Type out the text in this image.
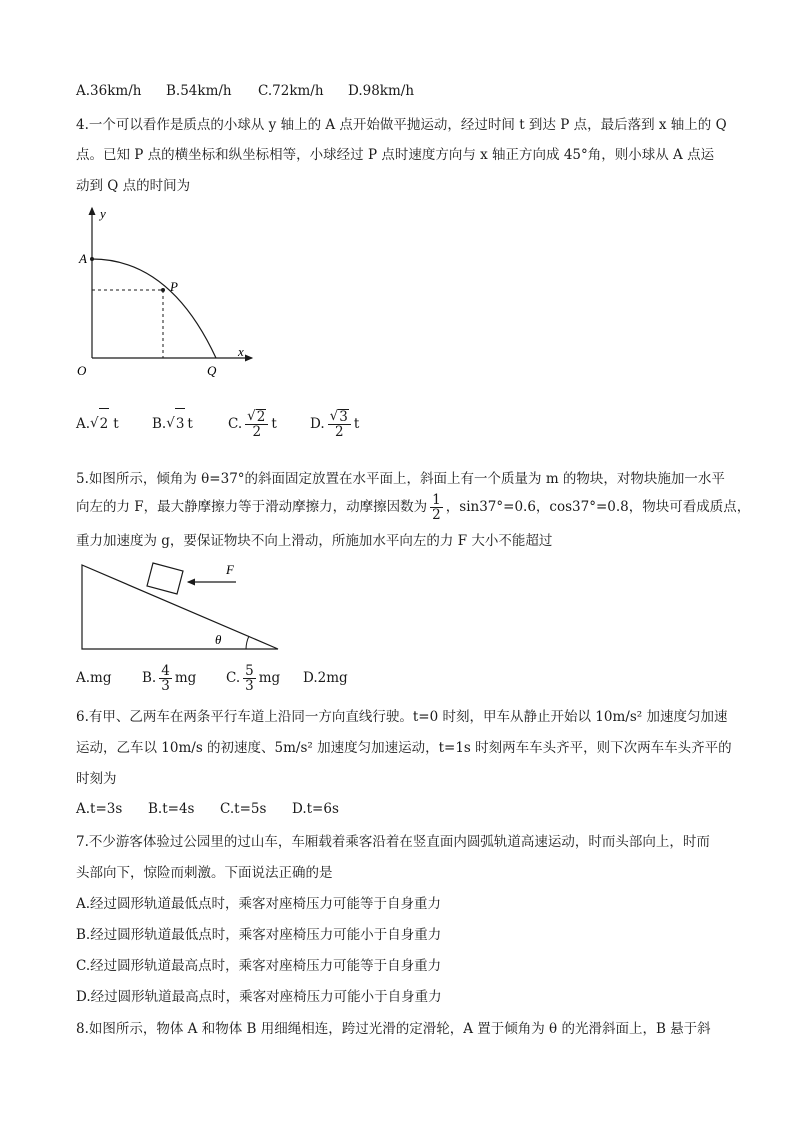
A.36km/h B.54km/h C.72km/h D.98km/h
4.一个可以看作是质点的小球从 y 轴上的 A 点开始做平抛运动，经过时间 t 到达 P 点，最后落到 x 轴上的 Q
点。已知 P 点的横坐标和纵坐标相等，小球经过 P 点时速度方向与 x 轴正方向成 45°角，则小球从 A 点运
动到 Q 点的时间为
y
A
P
x
O	Q
A. √ 2 t B. √ 3 t	C. $\frac{√ 2}{2}$ t D. $\frac{√ 3}{2}$ t
5.如图所示，倾角为 θ=37°的斜面固定放置在水平面上，斜面上有一个质量为 m 的物块，对物块施加一水平
向左的力 F，最大静摩擦力等于滑动摩擦力，动摩擦因数为 $\frac{1}{2}$ ，sin37°=0.6，cos37°=0.8，物块可看成质点，
重力加速度为 g，要保证物块不向上滑动，所施加水平向左的力 F 大小不能超过
F
θ
A.mg	B. $\frac{4}{3}$ mg C. $\frac{5}{3}$ mg D.2mg
6.有甲、乙两车在两条平行车道上沿同一方向直线行驶。t=0 时刻，甲车从静止开始以 10m/s² 加速度匀加速
运动，乙车以 10m/s 的初速度、5m/s² 加速度匀加速运动，t=1s 时刻两车车头齐平，则下次两车车头齐平的
时刻为
A.t=3s B.t=4s C.t=5s D.t=6s
7.不少游客体验过公园里的过山车，车厢载着乘客沿着在竖直面内圆弧轨道高速运动，时而头部向上，时而
头部向下，惊险而刺激。下面说法正确的是
A.经过圆形轨道最低点时，乘客对座椅压力可能等于自身重力
B.经过圆形轨道最低点时，乘客对座椅压力可能小于自身重力
C.经过圆形轨道最高点时，乘客对座椅压力可能等于自身重力
D.经过圆形轨道最高点时，乘客对座椅压力可能小于自身重力
8.如图所示，物体 A 和物体 B 用细绳相连，跨过光滑的定滑轮，A 置于倾角为 θ 的光滑斜面上，B 悬于斜
